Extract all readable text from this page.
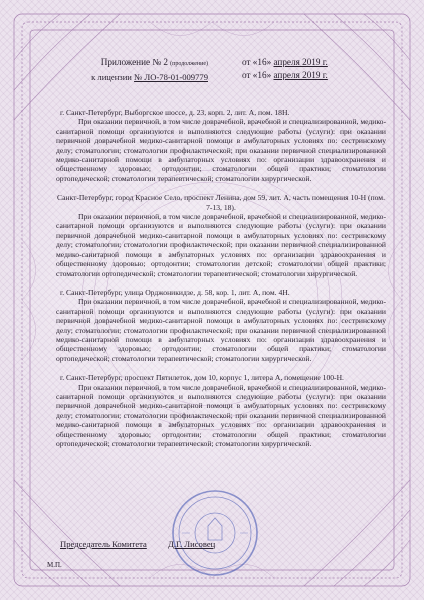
Приложение № 2 (продолжение)
к лицензии № ЛО-78-01-009779
от «16» апреля 2019 г.
от «16» апреля 2019 г.
г. Санкт-Петербург, Выборгское шоссе, д. 23, корп. 2, лит. А, пом. 18Н.

При оказании первичной, в том числе доврачебной, врачебной и специализированной, медико-санитарной помощи организуются и выполняются следующие работы (услуги): при оказании первичной доврачебной медико-санитарной помощи в амбулаторных условиях по: сестринскому делу; стоматологии; стоматологии профилактической; при оказании первичной специализированной медико-санитарной помощи в амбулаторных условиях по: организации здравоохранения и общественному здоровью; ортодонтии; стоматологии общей практики; стоматологии ортопедической; стоматологии терапевтической; стоматологии хирургической.

Санкт-Петербург, город Красное Село, проспект Ленина, дом 59, лит. А, часть помещения 10-Н (пом. 7-13, 18).

При оказании первичной, в том числе доврачебной, врачебной и специализированной, медико-санитарной помощи организуются и выполняются следующие работы (услуги): при оказании первичной доврачебной медико-санитарной помощи в амбулаторных условиях по: сестринскому делу; стоматологии; стоматологии профилактической; при оказании первичной специализированной медико-санитарной помощи в амбулаторных условиях по: организации здравоохранения и общественному здоровью; ортодонтии; стоматологии детской; стоматологии общей практики; стоматологии ортопедической; стоматологии терапевтической; стоматологии хирургической.

г. Санкт-Петербург, улица Орджоникидзе, д. 58, кор. 1, лит. А, пом. 4Н.

При оказании первичной, в том числе доврачебной, врачебной и специализированной, медико-санитарной помощи организуются и выполняются следующие работы (услуги): при оказании первичной доврачебной медико-санитарной помощи в амбулаторных условиях по: сестринскому делу; стоматологии; стоматологии профилактической; при оказании первичной специализированной медико-санитарной помощи в амбулаторных условиях по: организации здравоохранения и общественному здоровью; ортодонтии; стоматологии общей практики; стоматологии ортопедической; стоматологии терапевтической; стоматологии хирургической.

г. Санкт-Петербург, проспект Пятилеток, дом 10, корпус 1, литера А, помещение 100-Н.

При оказании первичной, в том числе доврачебной, врачебной и специализированной, медико-санитарной помощи организуются и выполняются следующие работы (услуги): при оказании первичной доврачебной медико-санитарной помощи в амбулаторных условиях по: сестринскому делу; стоматологии; стоматологии профилактической; при оказании первичной специализированной медико-санитарной помощи в амбулаторных условиях по: организации здравоохранения и общественному здоровью; ортодонтии; стоматологии общей практики; стоматологии ортопедической; стоматологии терапевтической; стоматологии хирургической.

Председатель Комитета Д.Г. Лисовец
М.П.
